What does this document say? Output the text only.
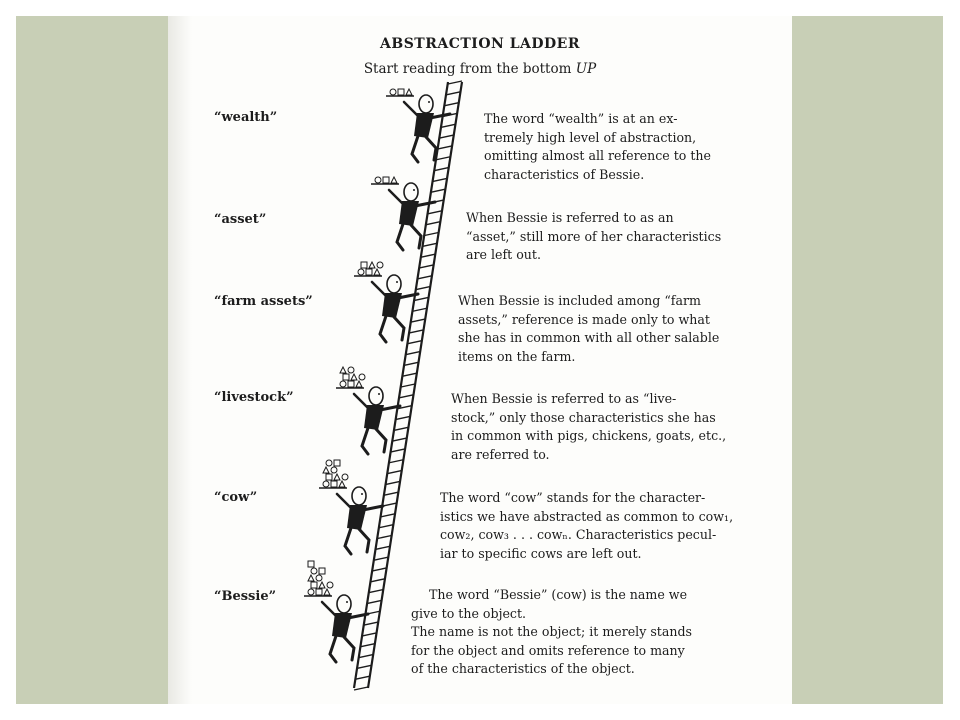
ABSTRACTION LADDER
Start reading from the bottom UP
“wealth”	The word “wealth” is at an ex-
tremely high level of abstraction,
omitting almost all reference to the
characteristics of Bessie.
“asset”	When Bessie is referred to as an
“asset,” still more of her characteristics
are left out.
“farm assets”	When Bessie is included among “farm
assets,” reference is made only to what
she has in common with all other salable
items on the farm.
“livestock”	When Bessie is referred to as “live-
stock,” only those characteristics she has
in common with pigs, chickens, goats, etc.,
are referred to.
“cow”	The word “cow” stands for the character-
istics we have abstracted as common to cow₁,
cow₂, cow₃ . . . cowₙ. Characteristics pecul-
iar to specific cows are left out.
“Bessie”	The word “Bessie” (cow) is the name we
give to the object.
The name is not the object; it merely stands
for the object and omits reference to many
of the characteristics of the object.
